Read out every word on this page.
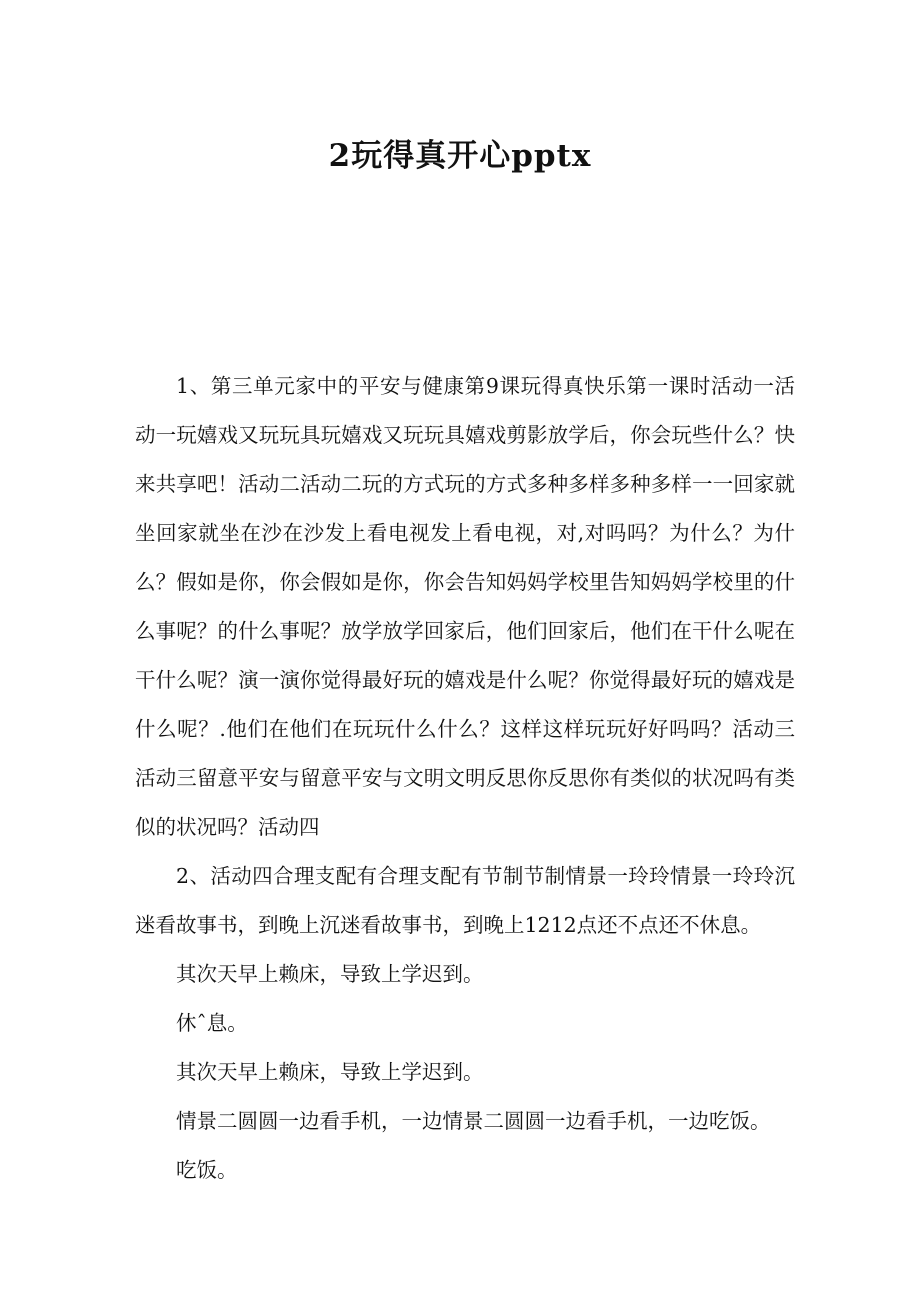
2玩得真开心pptx

1、第三单元家中的平安与健康第9课玩得真快乐第一课时活动一活动一玩嬉戏又玩玩具玩嬉戏又玩玩具嬉戏剪影放学后，你会玩些什么？快来共享吧！活动二活动二玩的方式玩的方式多种多样多种多样一一回家就坐回家就坐在沙在沙发上看电视发上看电视，对,对吗吗？为什么？为什么？假如是你，你会假如是你，你会告知妈妈学校里告知妈妈学校里的什么事呢？的什么事呢？放学放学回家后，他们回家后，他们在干什么呢在干什么呢？演一演你觉得最好玩的嬉戏是什么呢？你觉得最好玩的嬉戏是什么呢？.他们在他们在玩玩什么什么？这样这样玩玩好好吗吗？活动三活动三留意平安与留意平安与文明文明反思你反思你有类似的状况吗有类似的状况吗？活动四

2、活动四合理支配有合理支配有节制节制情景一玲玲情景一玲玲沉迷看故事书，到晚上沉迷看故事书，到晚上1212点还不点还不休息。

其次天早上赖床，导致上学迟到。

休ˆ息。

其次天早上赖床，导致上学迟到。

情景二圆圆一边看手机，一边情景二圆圆一边看手机，一边吃饭。

吃饭。
